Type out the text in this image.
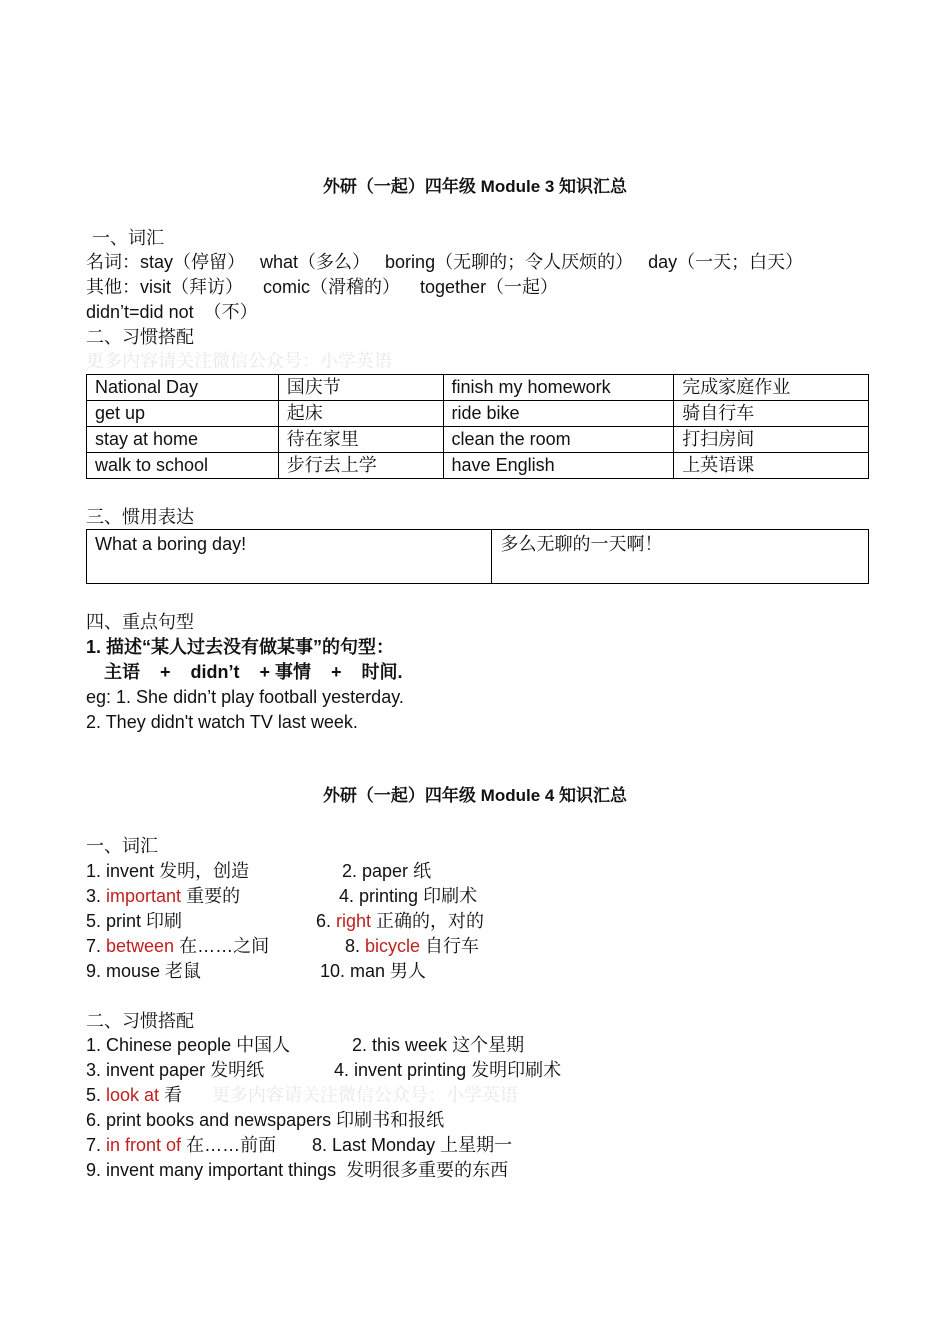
外研（一起）四年级 Module 3 知识汇总
一、词汇
名词：stay（停留）   what（多么）   boring（无聊的；令人厌烦的）   day（一天；白天）
其他：visit（拜访）    comic（滑稽的）    together（一起）
didn’t=did not  （不）
二、习惯搭配
更多内容请关注微信公众号：小学英语
National Day	国庆节	finish my homework	完成家庭作业
get up	起床	ride bike	骑自行车
stay at home	待在家里	clean the room	打扫房间
walk to school	步行去上学	have English	上英语课
三、惯用表达
What a boring day!	多么无聊的一天啊！
四、重点句型
1. 描述“某人过去没有做某事”的句型：
主语    +    didn’t    + 事情    +    时间.
eg: 1. She didn’t play football yesterday.
2. They didn't watch TV last week.
外研（一起）四年级 Module 4 知识汇总
一、词汇
1. invent 发明，创造	2. paper 纸
3. important 重要的	4. printing 印刷术
5. print 印刷	6. right 正确的，对的
7. between 在……之间	8. bicycle 自行车
9. mouse 老鼠	10. man 男人
二、习惯搭配
1. Chinese people 中国人	2. this week 这个星期
3. invent paper 发明纸	4. invent printing 发明印刷术
5. look at 看 更多内容请关注微信公众号：小学英语
6. print books and newspapers 印刷书和报纸
7. in front of 在……前面 8. Last Monday 上星期一
9. invent many important things  发明很多重要的东西
